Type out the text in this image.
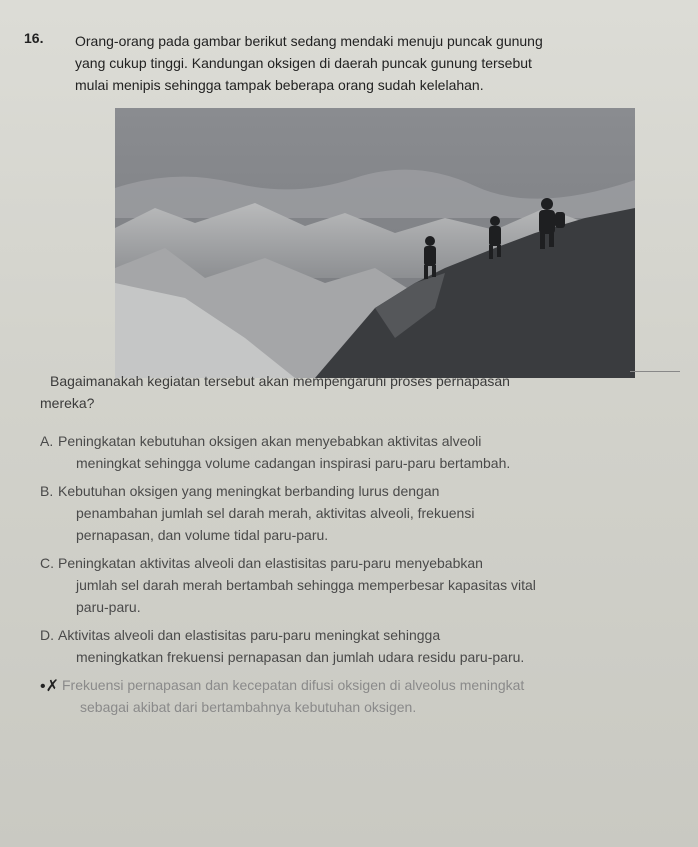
16. Orang-orang pada gambar berikut sedang mendaki menuju puncak gunung
yang cukup tinggi. Kandungan oksigen di daerah puncak gunung tersebut
mulai menipis sehingga tampak beberapa orang sudah kelelahan.
Bagaimanakah kegiatan tersebut akan mempengaruhi proses pernapasan
mereka?
A. Peningkatan kebutuhan oksigen akan menyebabkan aktivitas alveoli
meningkat sehingga volume cadangan inspirasi paru-paru bertambah.
B. Kebutuhan oksigen yang meningkat berbanding lurus dengan
penambahan jumlah sel darah merah, aktivitas alveoli, frekuensi
pernapasan, dan volume tidal paru-paru.
C. Peningkatan aktivitas alveoli dan elastisitas paru-paru menyebabkan
jumlah sel darah merah bertambah sehingga memperbesar kapasitas vital
paru-paru.
D. Aktivitas alveoli dan elastisitas paru-paru meningkat sehingga
meningkatkan frekuensi pernapasan dan jumlah udara residu paru-paru.
•✗ Frekuensi pernapasan dan kecepatan difusi oksigen di alveolus meningkat
sebagai akibat dari bertambahnya kebutuhan oksigen.
